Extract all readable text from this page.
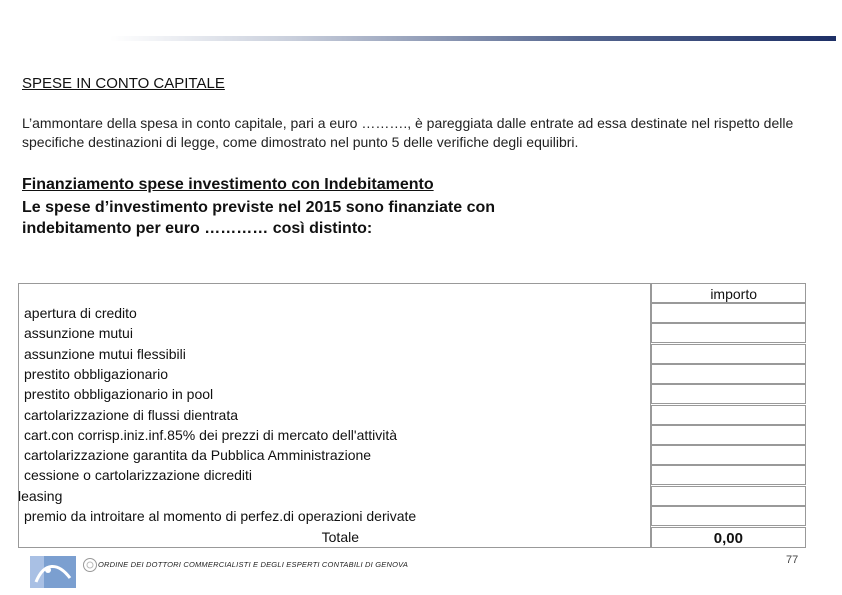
SPESE IN CONTO CAPITALE
L’ammontare della spesa in conto capitale, pari a euro ………., è pareggiata dalle entrate ad essa destinate nel rispetto delle specifiche destinazioni di legge, come dimostrato nel punto 5 delle verifiche degli equilibri.
Finanziamento spese investimento con Indebitamento
Le spese d’investimento previste nel 2015 sono finanziate con indebitamento per euro ………… così distinto:
importo
apertura di credito
assunzione mutui
assunzione mutui flessibili
prestito obbligazionario
prestito obbligazionario in pool
cartolarizzazione di flussi dientrata
cart.con corrisp.iniz.inf.85% dei prezzi di mercato dell'attività
cartolarizzazione garantita da Pubblica Amministrazione
cessione o cartolarizzazione dicrediti
leasing
premio da introitare al momento di perfez.di operazioni derivate
Totale	0,00
ORDINE DEI DOTTORI COMMERCIALISTI E DEGLI ESPERTI CONTABILI DI GENOVA	77
